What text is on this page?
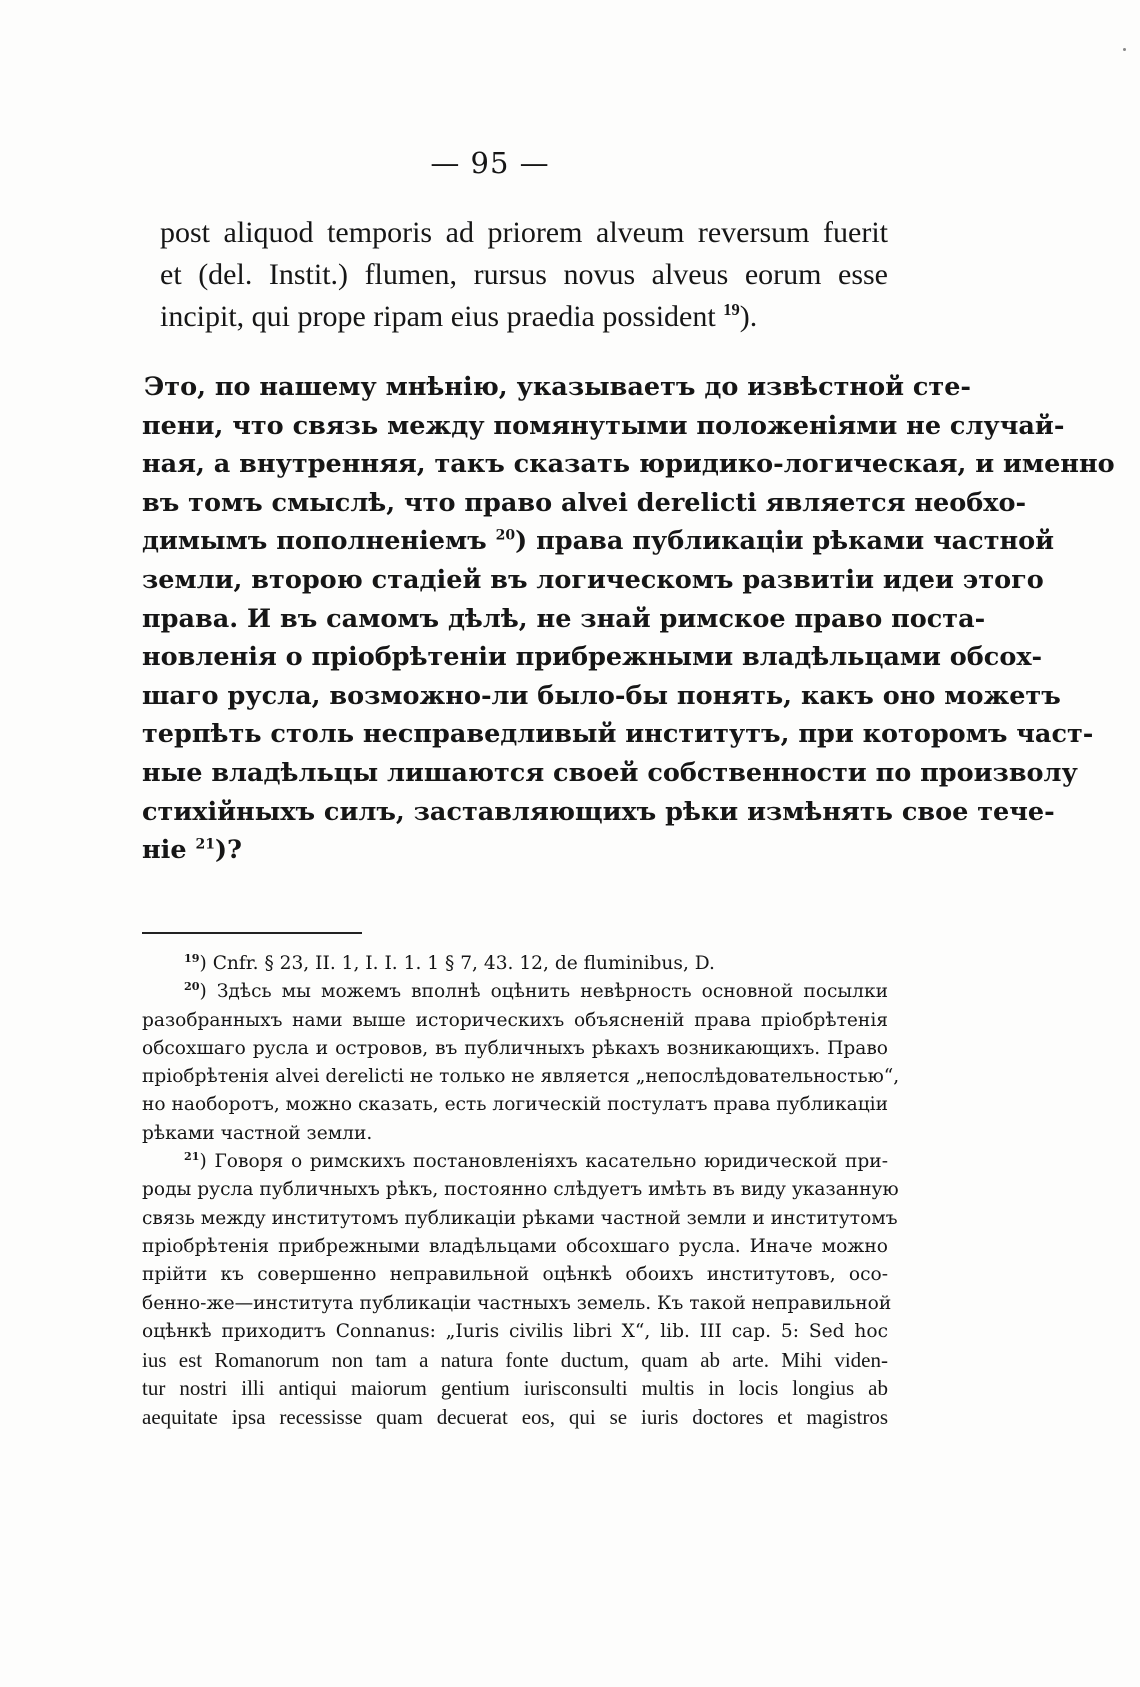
— 95 —
post aliquod temporis ad priorem alveum reversum fuerit
et (del. Instit.) flumen, rursus novus alveus eorum esse
incipit, qui prope ripam eius praedia possident $^{19}$).
Это, по нашему мнѣнію, указываетъ до извѣстной сте-
пени, что связь между помянутыми положеніями не случай-
ная, а внутренняя, такъ сказать юридико-логическая, и именно
въ томъ смыслѣ, что право alvei derelicti является необхо-
димымъ пополненіемъ $^{20}$) права публикаціи рѣками частной
земли, второю стадіей въ логическомъ развитіи идеи этого
права. И въ самомъ дѣлѣ, не знай римское право поста-
новленія о пріобрѣтеніи прибрежными владѣльцами обсох-
шаго русла, возможно-ли было-бы понять, какъ оно можетъ
терпѣть столь несправедливый институтъ, при которомъ част-
ные владѣльцы лишаются своей собственности по произволу
стихійныхъ силъ, заставляющихъ рѣки измѣнять свое тече-
ніе $^{21}$)?
$^{19}$) Cnfr. § 23, II. 1, I. I. 1. 1 § 7, 43. 12, de fluminibus, D.
$^{20}$) Здѣсь мы можемъ вполнѣ оцѣнить невѣрность основной посылки
разобранныхъ нами выше историческихъ объясненій права пріобрѣтенія
обсохшаго русла и островов, въ публичныхъ рѣкахъ возникающихъ. Право
пріобрѣтенія alvei derelicti не только не является „непослѣдовательностью“,
но наоборотъ, можно сказать, есть логическій постулатъ права публикаціи
рѣками частной земли.
$^{21}$) Говоря о римскихъ постановленіяхъ касательно юридической при-
роды русла публичныхъ рѣкъ, постоянно слѣдуетъ имѣть въ виду указанную
связь между институтомъ публикаціи рѣками частной земли и институтомъ
пріобрѣтенія прибрежными владѣльцами обсохшаго русла. Иначе можно
прійти къ совершенно неправильной оцѣнкѣ обоихъ институтовъ, осо-
бенно-же—института публикаціи частныхъ земель. Къ такой неправильной
оцѣнкѣ приходитъ Connanus: „Iuris civilis libri X“, lib. III cap. 5: Sed hoc
ius est Romanorum non tam a natura fonte ductum, quam ab arte. Mihi viden-
tur nostri illi antiqui maiorum gentium iurisconsulti multis in locis longius ab
aequitate ipsa recessisse quam decuerat eos, qui se iuris doctores et magistros
